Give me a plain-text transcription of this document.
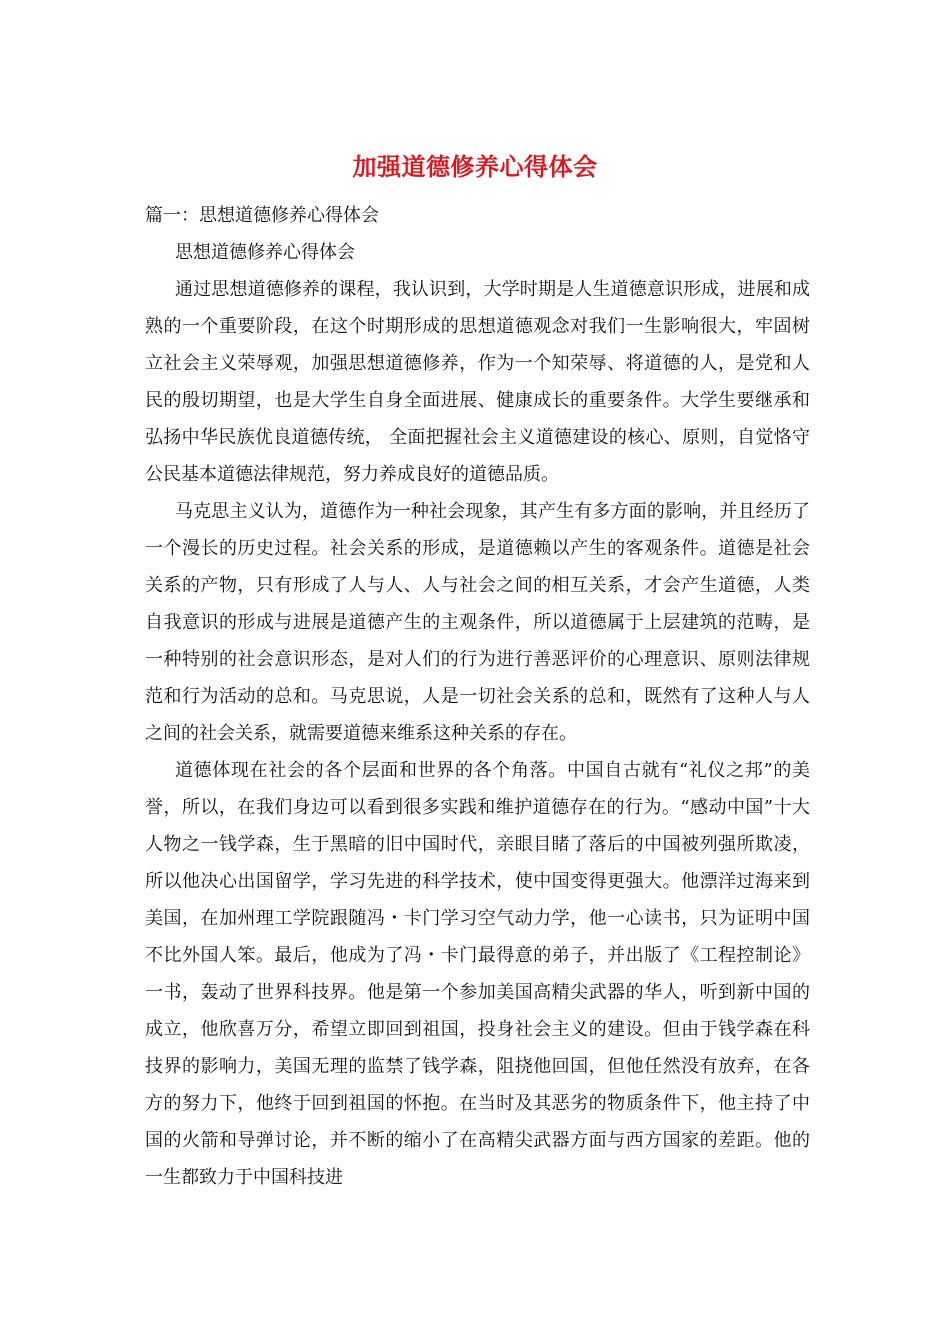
加强道德修养心得体会

篇一：思想道德修养心得体会

思想道德修养心得体会

通过思想道德修养的课程，我认识到，大学时期是人生道德意识形成，进展和成熟的一个重要阶段，在这个时期形成的思想道德观念对我们一生影响很大，牢固树立社会主义荣辱观，加强思想道德修养，作为一个知荣辱、将道德的人，是党和人民的殷切期望，也是大学生自身全面进展、健康成长的重要条件。大学生要继承和弘扬中华民族优良道德传统， 全面把握社会主义道德建设的核心、原则，自觉恪守公民基本道德法律规范，努力养成良好的道德品质。

马克思主义认为，道德作为一种社会现象，其产生有多方面的影响，并且经历了一个漫长的历史过程。社会关系的形成，是道德赖以产生的客观条件。道德是社会关系的产物，只有形成了人与人、人与社会之间的相互关系，才会产生道德，人类自我意识的形成与进展是道德产生的主观条件，所以道德属于上层建筑的范畴，是一种特别的社会意识形态，是对人们的行为进行善恶评价的心理意识、原则法律规范和行为活动的总和。马克思说，人是一切社会关系的总和，既然有了这种人与人之间的社会关系，就需要道德来维系这种关系的存在。

道德体现在社会的各个层面和世界的各个角落。中国自古就有“礼仪之邦”的美誉，所以，在我们身边可以看到很多实践和维护道德存在的行为。“感动中国”十大人物之一钱学森，生于黑暗的旧中国时代，亲眼目睹了落后的中国被列强所欺凌，所以他决心出国留学，学习先进的科学技术，使中国变得更强大。他漂洋过海来到美国，在加州理工学院跟随冯・卡门学习空气动力学，他一心读书，只为证明中国不比外国人笨。最后，他成为了冯・卡门最得意的弟子，并出版了《工程控制论》一书，轰动了世界科技界。他是第一个参加美国高精尖武器的华人，听到新中国的成立，他欣喜万分，希望立即回到祖国，投身社会主义的建设。但由于钱学森在科技界的影响力，美国无理的监禁了钱学森，阻挠他回国，但他任然没有放弃，在各方的努力下，他终于回到祖国的怀抱。在当时及其恶劣的物质条件下，他主持了中国的火箭和导弹讨论，并不断的缩小了在高精尖武器方面与西方国家的差距。他的一生都致力于中国科技进
